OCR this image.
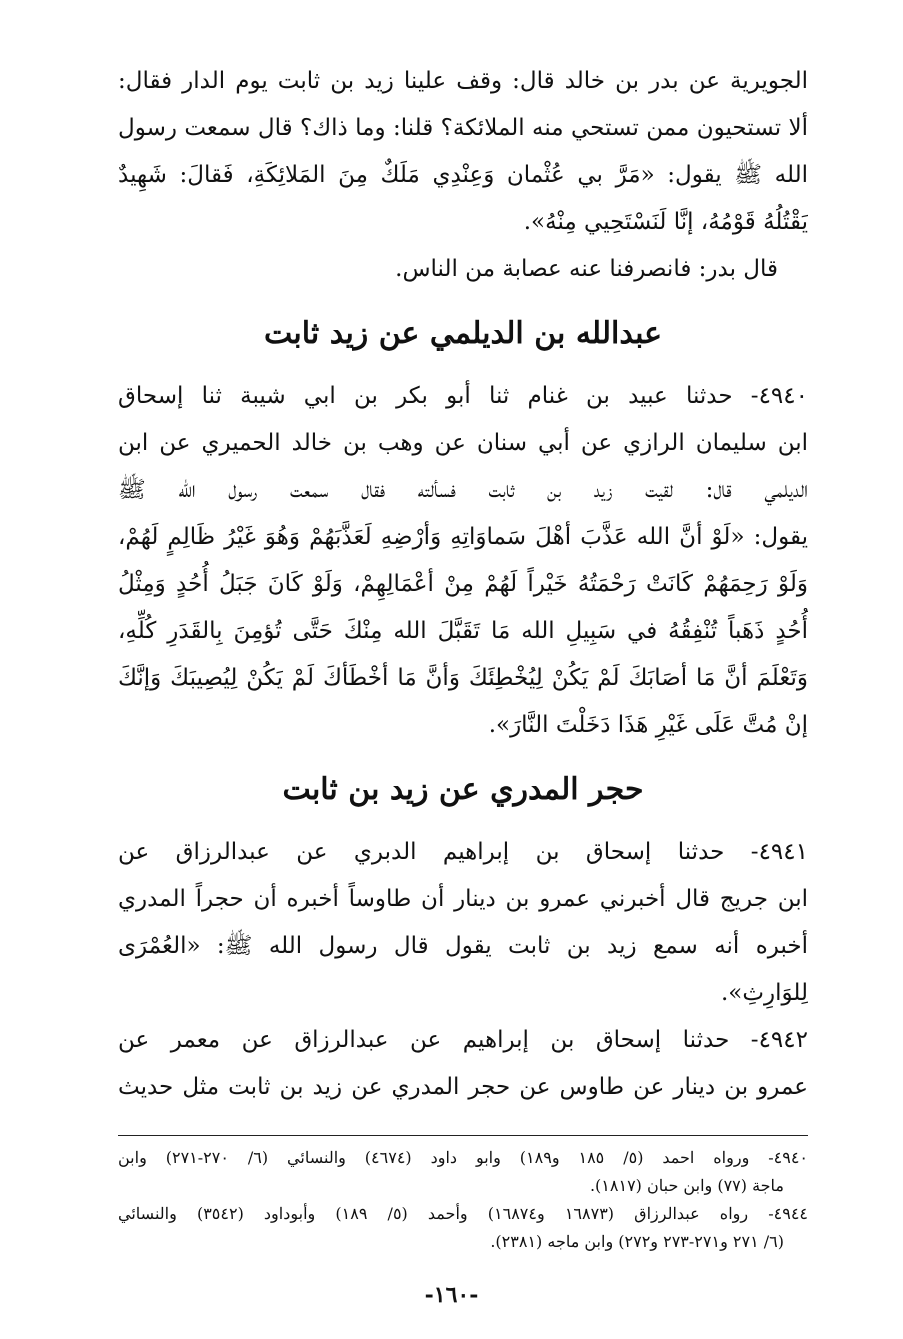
الجويرية عن بدر بن خالد قال: وقف علينا زيد بن ثابت يوم الدار فقال:
ألا تستحيون ممن تستحي منه الملائكة؟ قلنا: وما ذاك؟ قال سمعت رسول
الله ﷺ يقول: «مَرَّ بي عُثْمان وَعِنْدِي مَلَكٌ مِنَ المَلائِكَةِ، فَقالَ: شَهِيدٌ
يَقْتُلُهُ قَوْمُهُ، إنَّا لَنَسْتَحِيي مِنْهُ».
قال بدر: فانصرفنا عنه عصابة من الناس.
عبدالله بن الديلمي عن زيد ثابت
٤٩٤٠- حدثنا عبيد بن غنام ثنا أبو بكر بن ابي شيبة ثنا إسحاق
ابن سليمان الرازي عن أبي سنان عن وهب بن خالد الحميري عن ابن
الديلمي قال: لقيت زيد بن ثابت فسألته فقال سمعت رسول الله ﷺ
يقول: «لَوْ أنَّ الله عَذَّبَ أهْلَ سَماوَاتِهِ وَأرْضِهِ لَعَذَّبَهُمْ وَهُوَ غَيْرُ ظَالِمٍ لَهُمْ،
وَلَوْ رَحِمَهُمْ كَانَتْ رَحْمَتُهُ خَيْراً لَهُمْ مِنْ أعْمَالِهِمْ، وَلَوْ كَانَ جَبَلُ أُحُدٍ وَمِثْلُ
أُحُدٍ ذَهَباً تُنْفِقُهُ في سَبِيلِ الله مَا تَقَبَّلَ الله مِنْكَ حَتَّى تُؤمِنَ بِالقَدَرِ كُلِّهِ،
وَتَعْلَمَ أنَّ مَا أصَابَكَ لَمْ يَكُنْ لِيُخْطِئَكَ وَأنَّ مَا أخْطَأكَ لَمْ يَكُنْ لِيُصِيبَكَ وَإنَّكَ
إنْ مُتَّ عَلَى غَيْرِ هَذَا دَخَلْتَ النَّارَ».
حجر المدري عن زيد بن ثابت
٤٩٤١- حدثنا إسحاق بن إبراهيم الدبري عن عبدالرزاق عن
ابن جريج قال أخبرني عمرو بن دينار أن طاوساً أخبره أن حجراً المدري
أخبره أنه سمع زيد بن ثابت يقول قال رسول الله ﷺ: «العُمْرَى
لِلوَارِثِ».
٤٩٤٢- حدثنا إسحاق بن إبراهيم عن عبدالرزاق عن معمر عن
عمرو بن دينار عن طاوس عن حجر المدري عن زيد بن ثابت مثل حديث
٤٩٤٠- ورواه احمد (٥/ ١٨٥ و١٨٩) وابو داود (٤٦٧٤) والنسائي (٦/ ٢٧٠-٢٧١) وابن
ماجة (٧٧) وابن حبان (١٨١٧).
٤٩٤٤- رواه عبدالرزاق (١٦٨٧٣ و١٦٨٧٤) وأحمد (٥/ ١٨٩) وأبوداود (٣٥٤٢) والنسائي
(٦/ ٢٧١ و٢٧١-٢٧٣ و٢٧٢) وابن ماجه (٢٣٨١).
-١٦٠-
